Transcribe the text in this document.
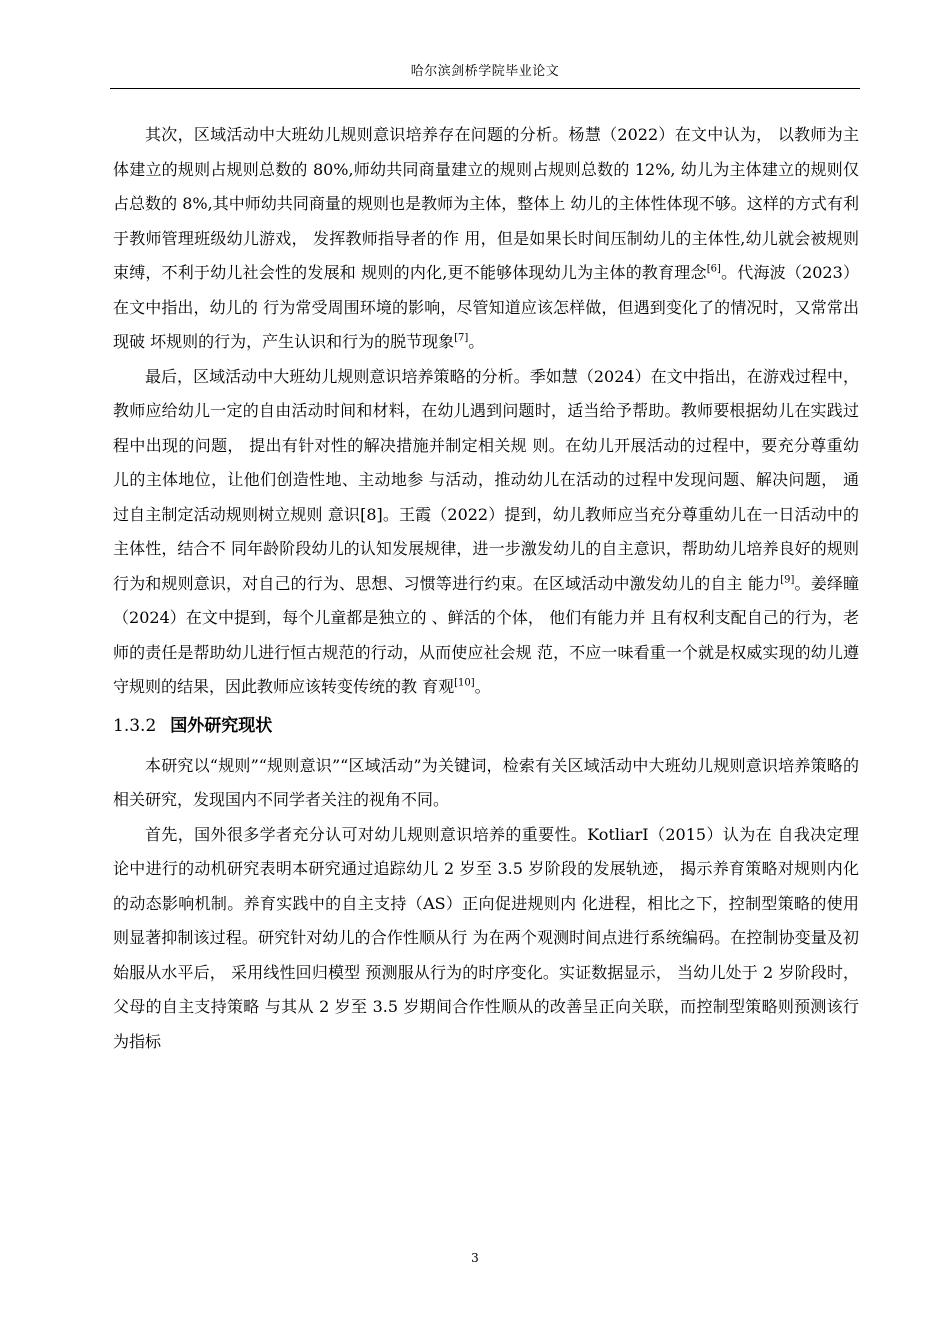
哈尔滨剑桥学院毕业论文

其次，区域活动中大班幼儿规则意识培养存在问题的分析。杨慧（2022）在文中认为， 以教师为主体建立的规则占规则总数的 80%,师幼共同商量建立的规则占规则总数的 12%, 幼儿为主体建立的规则仅占总数的 8%,其中师幼共同商量的规则也是教师为主体，整体上 幼儿的主体性体现不够。这样的方式有利于教师管理班级幼儿游戏， 发挥教师指导者的作 用，但是如果长时间压制幼儿的主体性,幼儿就会被规则束缚，不利于幼儿社会性的发展和 规则的内化,更不能够体现幼儿为主体的教育理念[6]。代海波（2023）在文中指出，幼儿的 行为常受周围环境的影响，尽管知道应该怎样做，但遇到变化了的情况时，又常常出现破 坏规则的行为，产生认识和行为的脱节现象[7]。

最后，区域活动中大班幼儿规则意识培养策略的分析。季如慧（2024）在文中指出，在游戏过程中，教师应给幼儿一定的自由活动时间和材料，在幼儿遇到问题时，适当给予帮助。教师要根据幼儿在实践过程中出现的问题， 提出有针对性的解决措施并制定相关规 则。在幼儿开展活动的过程中，要充分尊重幼儿的主体地位，让他们创造性地、主动地参 与活动，推动幼儿在活动的过程中发现问题、解决问题， 通过自主制定活动规则树立规则 意识[8]。王霞（2022）提到，幼儿教师应当充分尊重幼儿在一日活动中的主体性，结合不 同年龄阶段幼儿的认知发展规律，进一步激发幼儿的自主意识，帮助幼儿培养良好的规则 行为和规则意识，对自己的行为、思想、习惯等进行约束。在区域活动中激发幼儿的自主 能力[9]。姜绎瞳（2024）在文中提到，每个儿童都是独立的 、鲜活的个体， 他们有能力并 且有权利支配自己的行为，老师的责任是帮助幼儿进行恒古规范的行动，从而使应社会规 范，不应一味看重一个就是权威实现的幼儿遵守规则的结果，因此教师应该转变传统的教 育观[10]。

1.3.2 国外研究现状

本研究以“规则”“规则意识”“区域活动”为关键词，检索有关区域活动中大班幼儿规则意识培养策略的相关研究，发现国内不同学者关注的视角不同。

首先，国外很多学者充分认可对幼儿规则意识培养的重要性。KotliarI（2015）认为在 自我决定理论中进行的动机研究表明本研究通过追踪幼儿 2 岁至 3.5 岁阶段的发展轨迹， 揭示养育策略对规则内化的动态影响机制。养育实践中的自主支持（AS）正向促进规则内 化进程，相比之下，控制型策略的使用则显著抑制该过程。研究针对幼儿的合作性顺从行 为在两个观测时间点进行系统编码。在控制协变量及初始服从水平后， 采用线性回归模型 预测服从行为的时序变化。实证数据显示， 当幼儿处于 2 岁阶段时，父母的自主支持策略 与其从 2 岁至 3.5 岁期间合作性顺从的改善呈正向关联，而控制型策略则预测该行为指标

3
